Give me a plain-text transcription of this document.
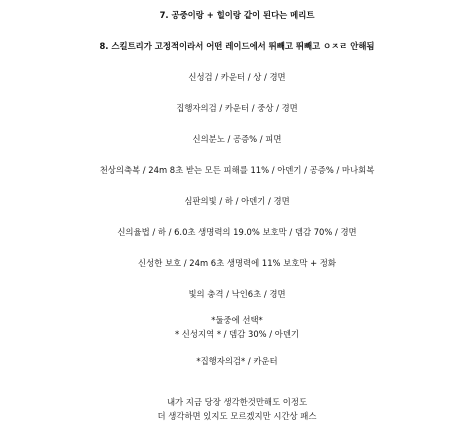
7. 공중이랑 + 힐이랑 같이 된다는 메리트
8. 스킬트리가 고정적이라서 어떤 레이드에서 뛰빼고 뛰빼고 ㅇㅈㄹ 안해됨
신성검 / 카운터 / 상 / 경면
집행자의검 / 카운터 / 중상 / 경면
신의분노 / 공증% / 피면
천상의축복 / 24m 8초 받는 모든 피해를 11% / 아덴기 / 공증% / 마나회복
심판의빛 / 하 / 아덴기 / 경면
신의율법 / 하 / 6.0초 생명력의 19.0% 보호막 / 뎀감 70% / 경면
신성한 보호 / 24m 6초 생명력에 11% 보호막 + 정화
빛의 충격 / 낙인6초 / 경면
*둘중에 선택*
* 신성지역 * / 뎀감 30% / 아덴기
*집행자의검* / 카운터
내가 지금 당장 생각한것만해도 이정도
더 생각하면 있지도 모르겠지만 시간상 패스
